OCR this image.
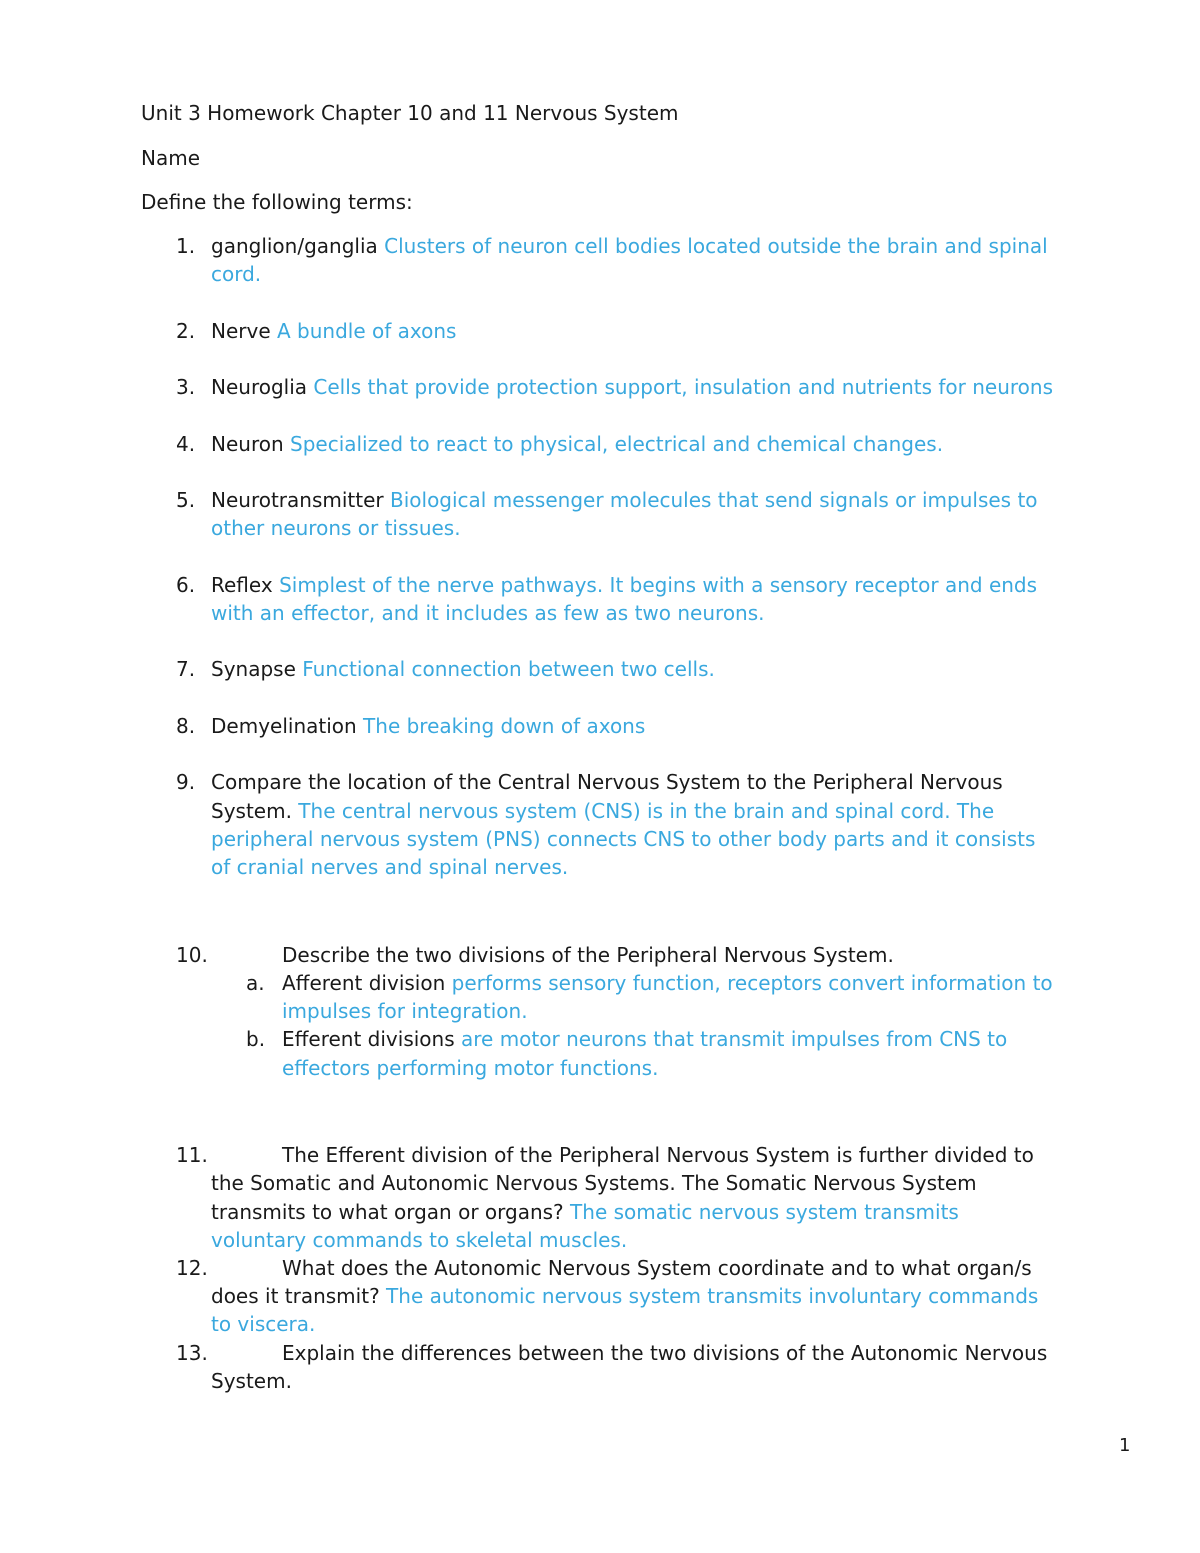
Unit 3 Homework Chapter 10 and 11 Nervous System
Name
Define the following terms:
1. ganglion/ganglia Clusters of neuron cell bodies located outside the brain and spinal
cord.
2. Nerve A bundle of axons
3. Neuroglia Cells that provide protection support, insulation and nutrients for neurons
4. Neuron Specialized to react to physical, electrical and chemical changes.
5. Neurotransmitter Biological messenger molecules that send signals or impulses to
other neurons or tissues.
6. Reflex Simplest of the nerve pathways. It begins with a sensory receptor and ends
with an effector, and it includes as few as two neurons.
7. Synapse Functional connection between two cells.
8. Demyelination The breaking down of axons
9. Compare the location of the Central Nervous System to the Peripheral Nervous
System. The central nervous system (CNS) is in the brain and spinal cord. The
peripheral nervous system (PNS) connects CNS to other body parts and it consists
of cranial nerves and spinal nerves.
10.	Describe the two divisions of the Peripheral Nervous System.
a. Afferent division performs sensory function, receptors convert information to
impulses for integration.
b. Efferent divisions are motor neurons that transmit impulses from CNS to
effectors performing motor functions.
11.	The Efferent division of the Peripheral Nervous System is further divided to
the Somatic and Autonomic Nervous Systems. The Somatic Nervous System
transmits to what organ or organs? The somatic nervous system transmits
voluntary commands to skeletal muscles.
12.	What does the Autonomic Nervous System coordinate and to what organ/s
does it transmit? The autonomic nervous system transmits involuntary commands
to viscera.
13.	Explain the differences between the two divisions of the Autonomic Nervous
System.
1
